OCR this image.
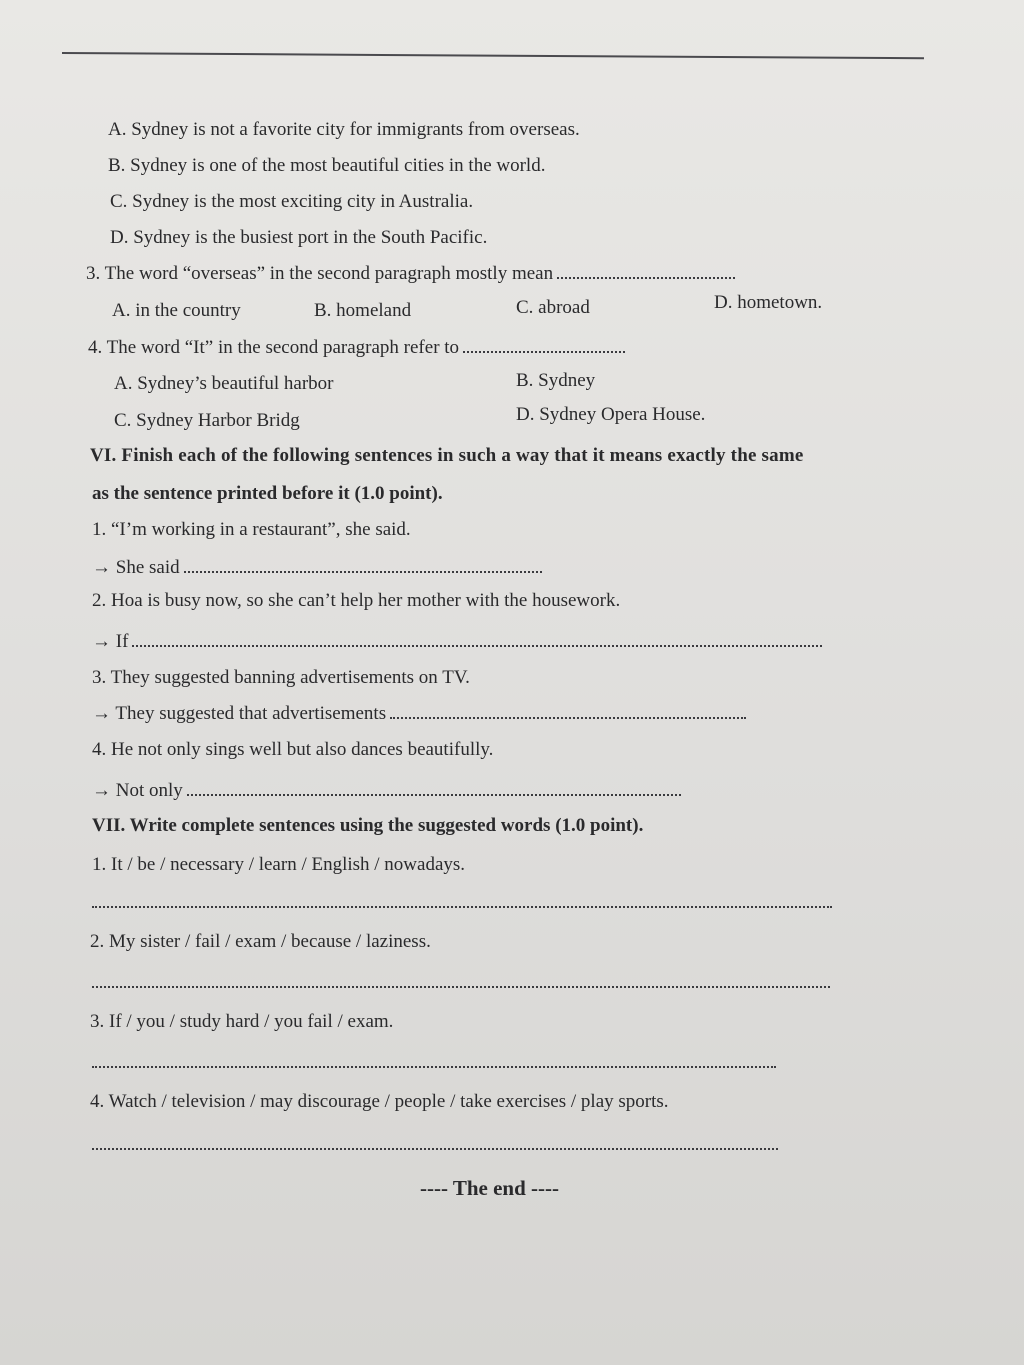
A. Sydney is not a favorite city for immigrants from overseas.
B. Sydney is one of the most beautiful cities in the world.
C. Sydney is the most exciting city in Australia.
D. Sydney is the busiest port in the South Pacific.
3. The word “overseas” in the second paragraph mostly mean
A. in the country	B. homeland	C. abroad	D. hometown.
4. The word “It” in the second paragraph refer to
A. Sydney’s beautiful harbor	B. Sydney
C. Sydney Harbor Bridg	D. Sydney Opera House.
VI. Finish each of the following sentences in such a way that it means exactly the same
as the sentence printed before it (1.0 point).
1. “I’m working in a restaurant”, she said.
→ She said
2. Hoa is busy now, so she can’t help her mother with the housework.
→ If
3. They suggested banning advertisements on TV.
→ They suggested that advertisements
4. He not only sings well but also dances beautifully.
→ Not only
VII. Write complete sentences using the suggested words (1.0 point).
1. It / be / necessary / learn / English / nowadays.
2. My sister / fail / exam / because / laziness.
3. If / you / study hard / you fail / exam.
4. Watch / television / may discourage / people / take exercises / play sports.
---- The end ----
